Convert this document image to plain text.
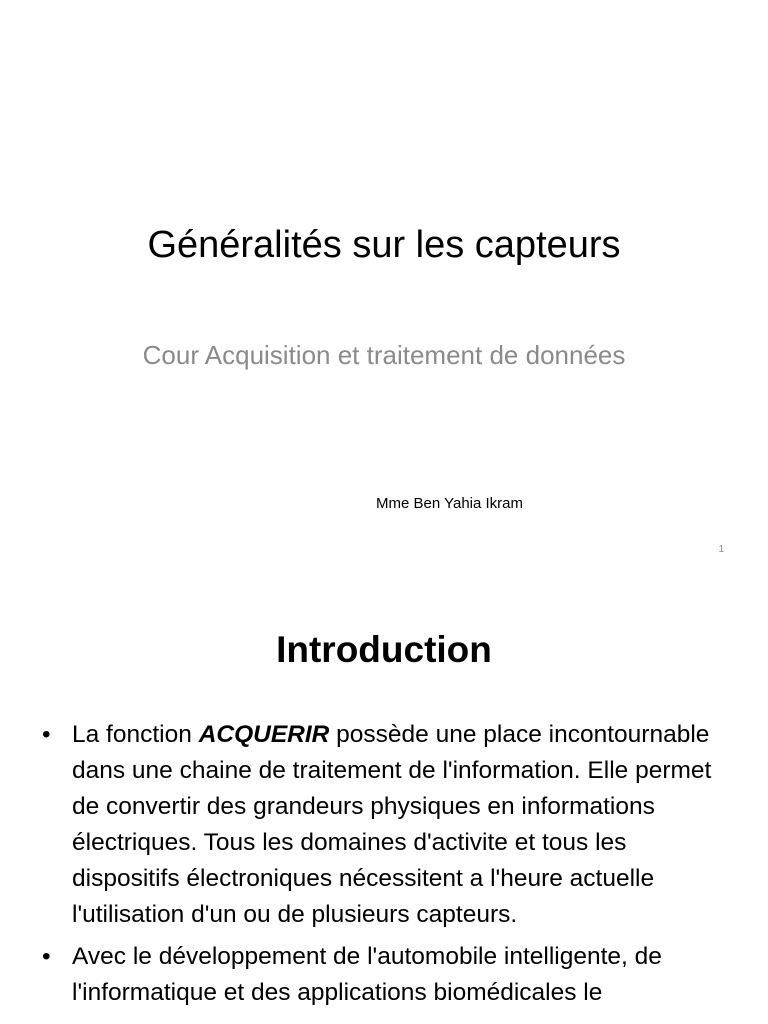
Généralités sur les capteurs
Cour Acquisition et traitement de données
Mme Ben Yahia Ikram
1
Introduction
• La fonction ACQUERIR possède une place incontournable dans une chaine de traitement de l'information. Elle permet de convertir des grandeurs physiques en informations électriques. Tous les domaines d'activite et tous les dispositifs électroniques nécessitent a l'heure actuelle l'utilisation d'un ou de plusieurs capteurs.
• Avec le développement de l'automobile intelligente, de l'informatique et des applications biomédicales le
